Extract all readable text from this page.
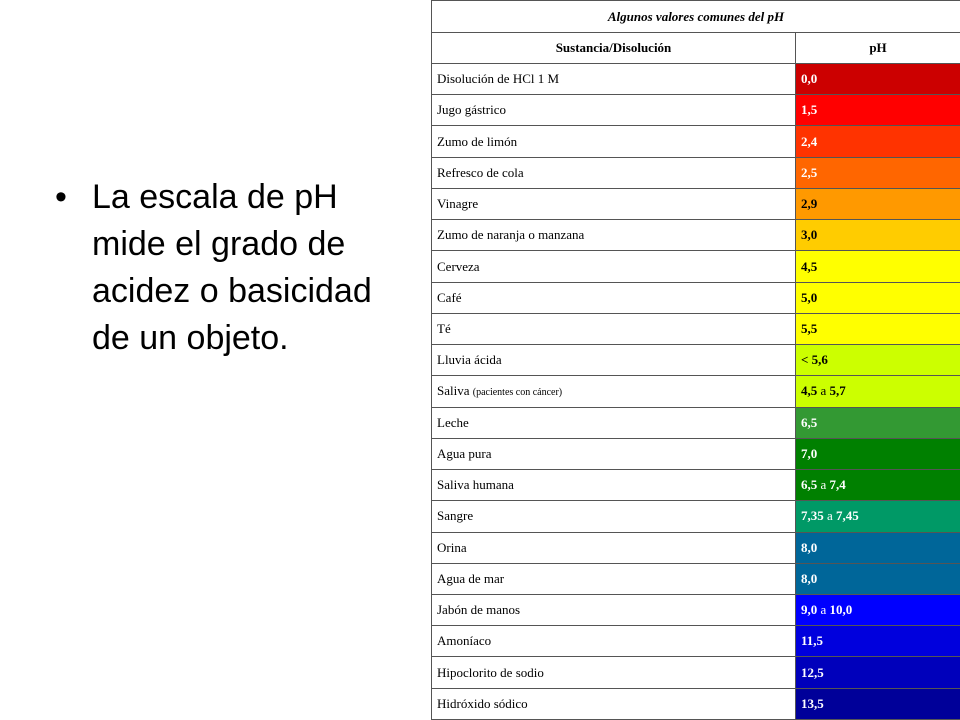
• La escala de pH mide el grado de acidez o basicidad de un objeto.
Algunos valores comunes del pH	
Sustancia/Disolución	pH
Disolución de HCl 1 M	0,0
Jugo gástrico	1,5
Zumo de limón	2,4
Refresco de cola	2,5
Vinagre	2,9
Zumo de naranja o manzana	3,0
Cerveza	4,5
Café	5,0
Té	5,5
Lluvia ácida	< 5,6
Saliva (pacientes con cáncer)	4,5 a 5,7
Leche	6,5
Agua pura	7,0
Saliva humana	6,5 a 7,4
Sangre	7,35 a 7,45
Orina	8,0
Agua de mar	8,0
Jabón de manos	9,0 a 10,0
Amoníaco	11,5
Hipoclorito de sodio	12,5
Hidróxido sódico	13,5
